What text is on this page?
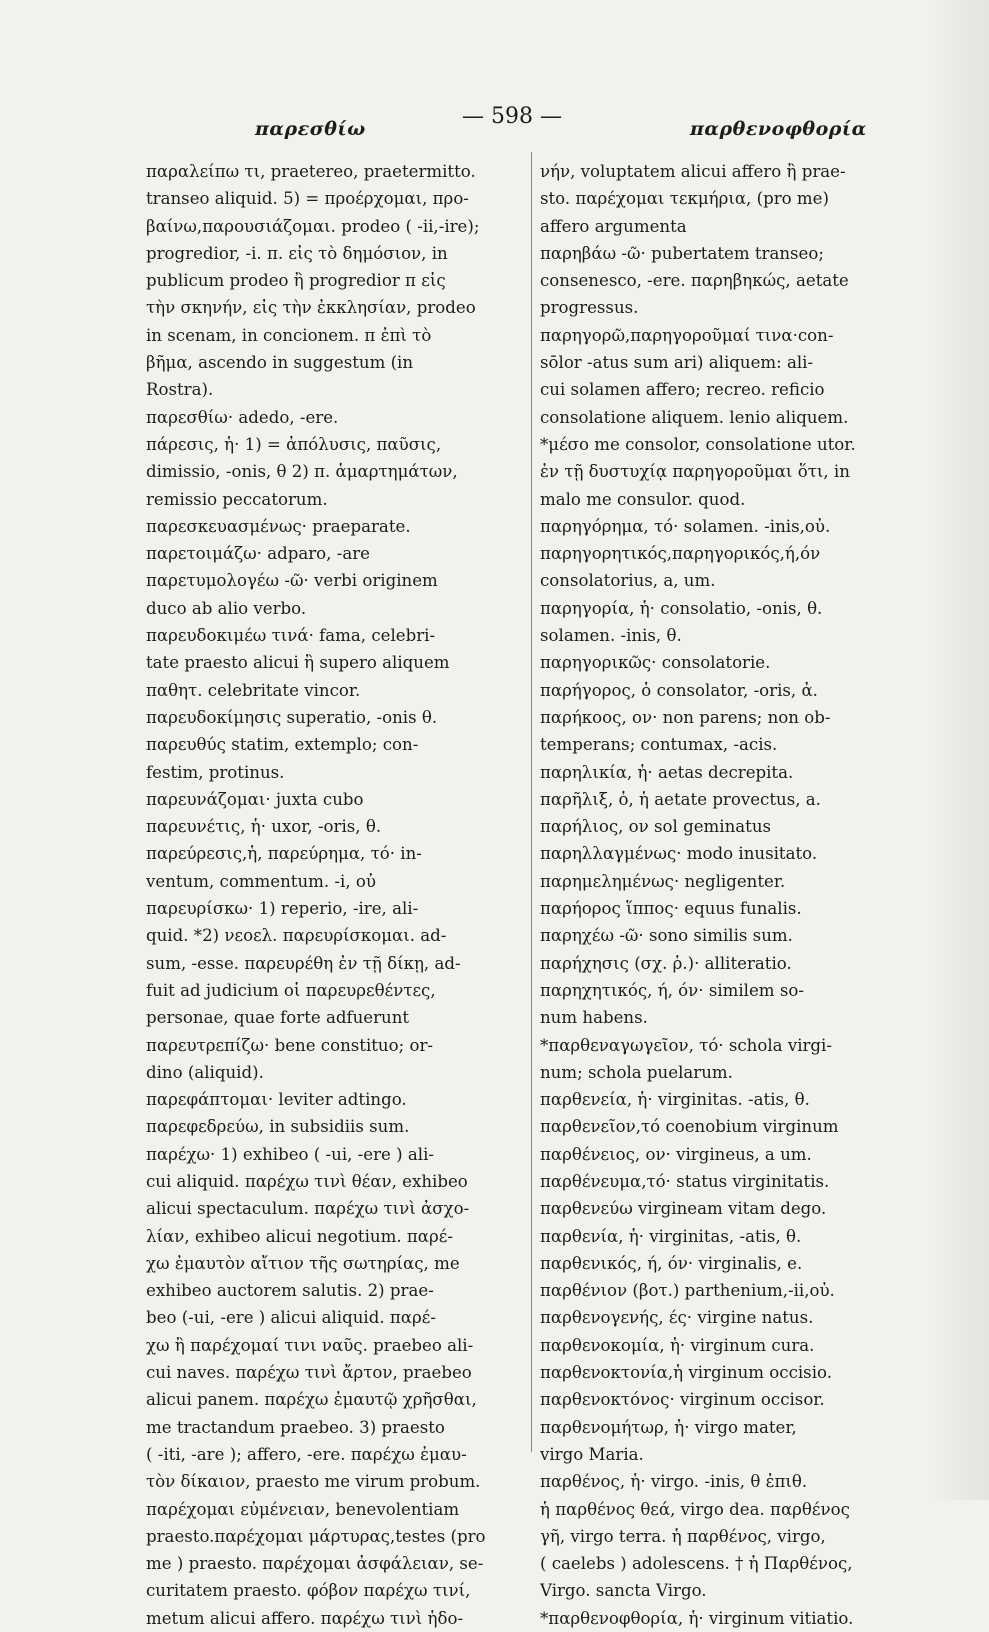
παρεσθίω	— 598 —	παρθενοφθορία
παραλείπω τι, praetereo, praetermitto.
transeo aliquid. 5) = προέρχομαι, προ-
βαίνω,παρουσιάζομαι. prodeo ( -ii,-ire);
progredior, -i. π. εἰς τὸ δημόσιον, in
publicum prodeo ἢ progredior π εἰς
τὴν σκηνήν, εἰς τὴν ἐκκλησίαν, prodeo
in scenam, in concionem. π ἐπὶ τὸ
βῆμα, ascendo in suggestum (in
Rostra).
παρεσθίω· adedo, -ere.
πάρεσις, ἡ· 1) = ἀπόλυσις, παῦσις,
dimissio, -onis, θ 2) π. ἁμαρτημάτων,
remissio peccatorum.
παρεσκευασμένως· praeparate.
παρετοιμάζω· adparo, -are
παρετυμολογέω -ῶ· verbi originem
duco ab alio verbo.
παρευδοκιμέω τινά· fama, celebri-
tate praesto alicui ἢ supero aliquem
παθητ. celebritate vincor.
παρευδοκίμησις superatio, -onis θ.
παρευθύς statim, extemplo; con-
festim, protinus.
παρευνάζομαι· juxta cubo
παρευνέτις, ἡ· uxor, -oris, θ.
παρεύρεσις,ἡ, παρεύρημα, τό· in-
ventum, commentum. -i, οὐ
παρευρίσκω· 1) reperio, -ire, ali-
quid. *2) νεοελ. παρευρίσκομαι. ad-
sum, -esse. παρευρέθη ἐν τῇ δίκῃ, ad-
fuit ad judicium οἱ παρευρεθέντες,
personae, quae forte adfuerunt
παρευτρεπίζω· bene constituo; or-
dino (aliquid).
παρεφάπτομαι· leviter adtingo.
παρεφεδρεύω, in subsidiis sum.
παρέχω· 1) exhibeo ( -ui, -ere ) ali-
cui aliquid. παρέχω τινὶ θέαν, exhibeo
alicui spectaculum. παρέχω τινὶ ἀσχο-
λίαν, exhibeo alicui negotium. παρέ-
χω ἐμαυτὸν αἴτιον τῆς σωτηρίας, me
exhibeo auctorem salutis. 2) prae-
beo (-ui, -ere ) alicui aliquid. παρέ-
χω ἢ παρέχομαί τινι ναῦς. praebeo ali-
cui naves. παρέχω τινὶ ἄρτον, praebeo
alicui panem. παρέχω ἐμαυτῷ χρῆσθαι,
me tractandum praebeo. 3) praesto
( -iti, -are ); affero, -ere. παρέχω ἐμαυ-
τὸν δίκαιον, praesto me virum probum.
παρέχομαι εὐμένειαν, benevolentiam
praesto.παρέχομαι μάρτυρας,testes (pro
me ) praesto. παρέχομαι ἀσφάλειαν, se-
curitatem praesto. φόβον παρέχω τινί,
metum alicui affero. παρέχω τινὶ ἡδο-
νήν, voluptatem alicui affero ἢ prae-
sto. παρέχομαι τεκμήρια, (pro me)
affero argumenta
παρηβάω -ῶ· pubertatem transeo;
consenesco, -ere. παρηβηκώς, aetate
progressus.
παρηγορῶ,παρηγοροῦμαί τινα·con-
sōlor -atus sum ari) aliquem: ali-
cui solamen affero; recreo. reficio
consolatione aliquem. lenio aliquem.
*μέσο me consolor, consolatione utor.
ἐν τῇ δυστυχίᾳ παρηγοροῦμαι ὅτι, in
malo me consulor. quod.
παρηγόρημα, τό· solamen. -inis,οὐ.
παρηγορητικός,παρηγορικός,ή,όν
consolatorius, a, um.
παρηγορία, ἡ· consolatio, -onis, θ.
solamen. -inis, θ.
παρηγορικῶς· consolatorie.
παρήγορος, ὁ consolator, -oris, ἀ.
παρήκοος, ον· non parens; non ob-
temperans; contumax, -acis.
παρηλικία, ἡ· aetas decrepita.
παρῆλιξ, ὁ, ἡ aetate provectus, a.
παρήλιος, ον sol geminatus
παρηλλαγμένως· modo inusitato.
παρημελημένως· negligenter.
παρήορος ἵππος· equus funalis.
παρηχέω -ῶ· sono similis sum.
παρήχησις (σχ. ῥ.)· alliteratio.
παρηχητικός, ή, όν· similem so-
num habens.
*παρθεναγωγεῖον, τό· schola virgi-
num; schola puelarum.
παρθενεία, ἡ· virginitas. -atis, θ.
παρθενεῖον,τό coenobium virginum
παρθένειος, ον· virgineus, a um.
παρθένευμα,τό· status virginitatis.
παρθενεύω virgineam vitam dego.
παρθενία, ἡ· virginitas, -atis, θ.
παρθενικός, ή, όν· virginalis, e.
παρθένιον (βοτ.) parthenium,-ii,οὐ.
παρθενογενής, ές· virgine natus.
παρθενοκομία, ἡ· virginum cura.
παρθενοκτονία,ἡ virginum occisio.
παρθενοκτόνος· virginum occisor.
παρθενομήτωρ, ἡ· virgo mater,
virgo Maria.
παρθένος, ἡ· virgo. -inis, θ ἐπιθ.
ἡ παρθένος θεά, virgo dea. παρθένος
γῆ, virgo terra. ἡ παρθένος, virgo,
( caelebs ) adolescens. † ἡ Παρθένος,
Virgo. sancta Virgo.
*παρθενοφθορία, ἡ· virginum vitiatio.
